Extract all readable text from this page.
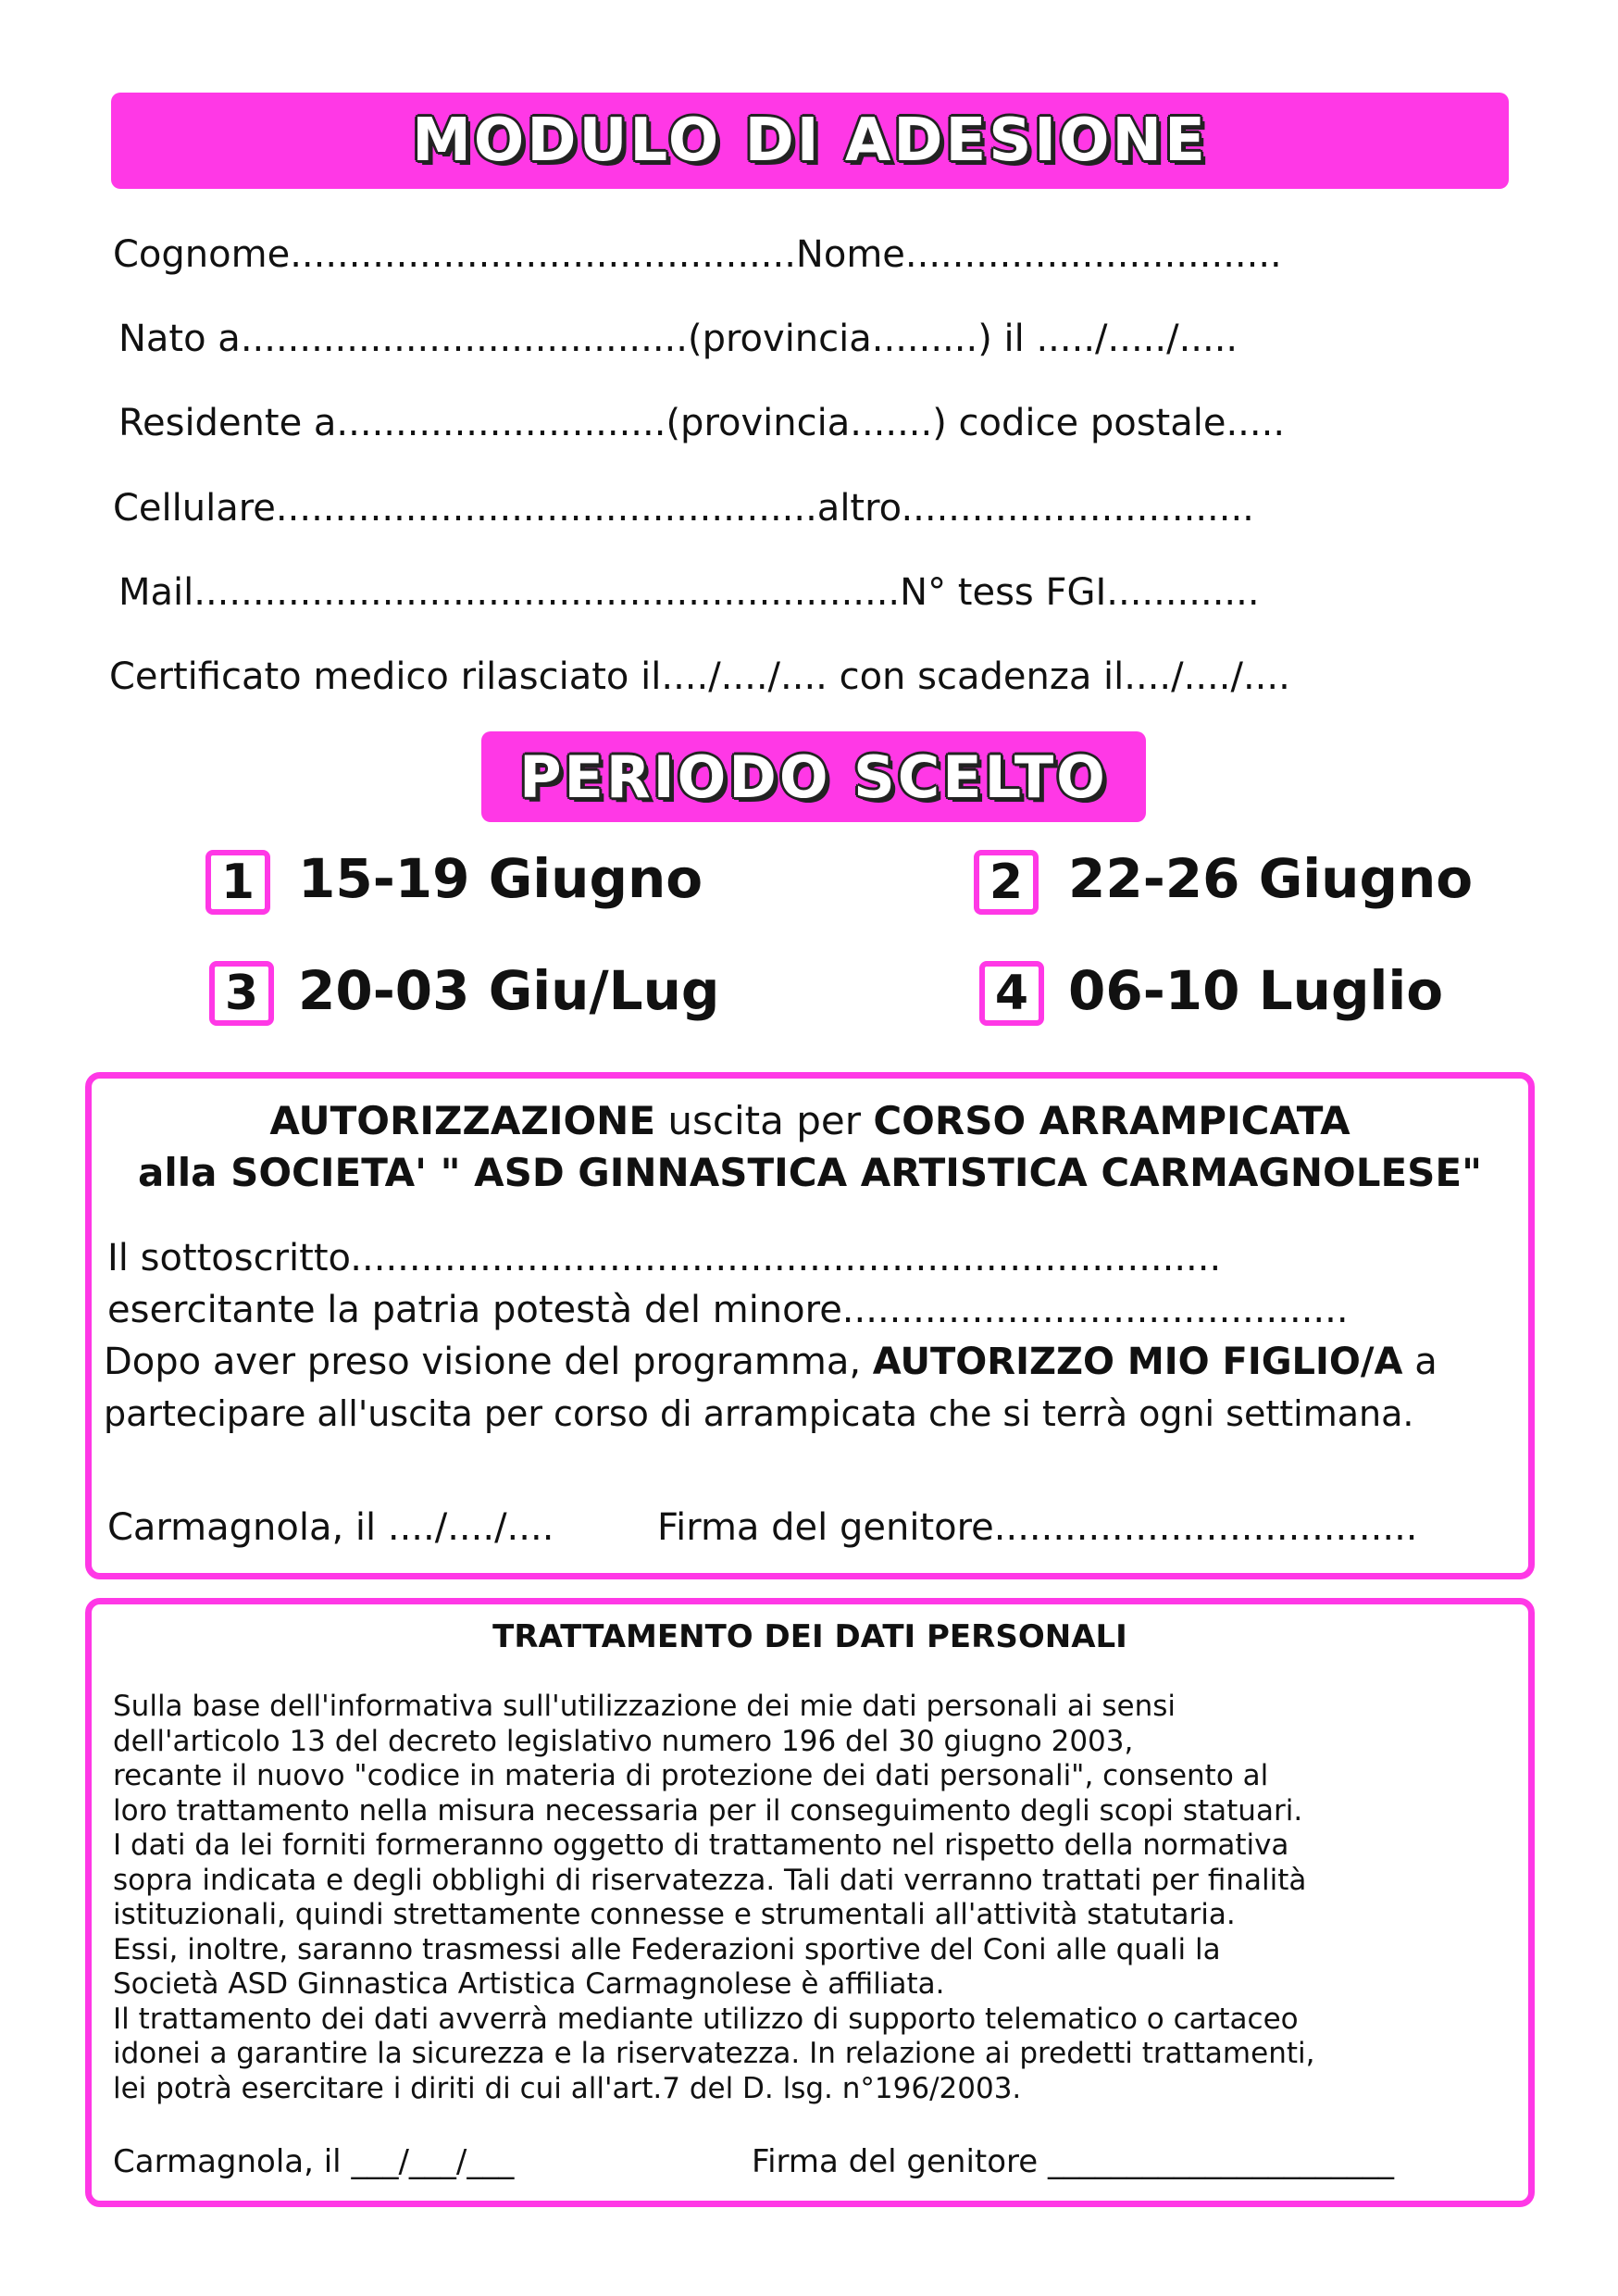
MODULO DI ADESIONE
Cognome...........................................Nome................................
Nato a......................................(provincia.........) il ...../...../.....
Residente a............................(provincia.......) codice postale.....
Cellulare..............................................altro..............................
Mail............................................................N° tess FGI.............
Certificato medico rilasciato il..../..../.... con scadenza il..../..../....
PERIODO SCELTO
1 15-19 Giugno	2 22-26 Giugno
3 20-03 Giu/Lug	4 06-10 Luglio
AUTORIZZAZIONE uscita per CORSO ARRAMPICATA
alla SOCIETA' " ASD GINNASTICA ARTISTICA CARMAGNOLESE"
Il sottoscritto..........................................................................
esercitante la patria potestà del minore...........................................
Dopo aver preso visione del programma, AUTORIZZO MIO FIGLIO/A a
partecipare all'uscita per corso di arrampicata che si terrà ogni settimana.
Carmagnola, il ..../..../....	Firma del genitore....................................
TRATTAMENTO DEI DATI PERSONALI
Sulla base dell'informativa sull'utilizzazione dei mie dati personali ai sensi
dell'articolo 13 del decreto legislativo numero 196 del 30 giugno 2003,
recante il nuovo "codice in materia di protezione dei dati personali", consento al
loro trattamento nella misura necessaria per il conseguimento degli scopi statuari.
I dati da lei forniti formeranno oggetto di trattamento nel rispetto della normativa
sopra indicata e degli obblighi di riservatezza. Tali dati verranno trattati per finalità
istituzionali, quindi strettamente connesse e strumentali all'attività statutaria.
Essi, inoltre, saranno trasmessi alle Federazioni sportive del Coni alle quali la
Società ASD Ginnastica Artistica Carmagnolese è affiliata.
Il trattamento dei dati avverrà mediante utilizzo di supporto telematico o cartaceo
idonei a garantire la sicurezza e la riservatezza. In relazione ai predetti trattamenti,
lei potrà esercitare i diriti di cui all'art.7 del D. lsg. n°196/2003.
Carmagnola, il ___/___/___	Firma del genitore ______________________
